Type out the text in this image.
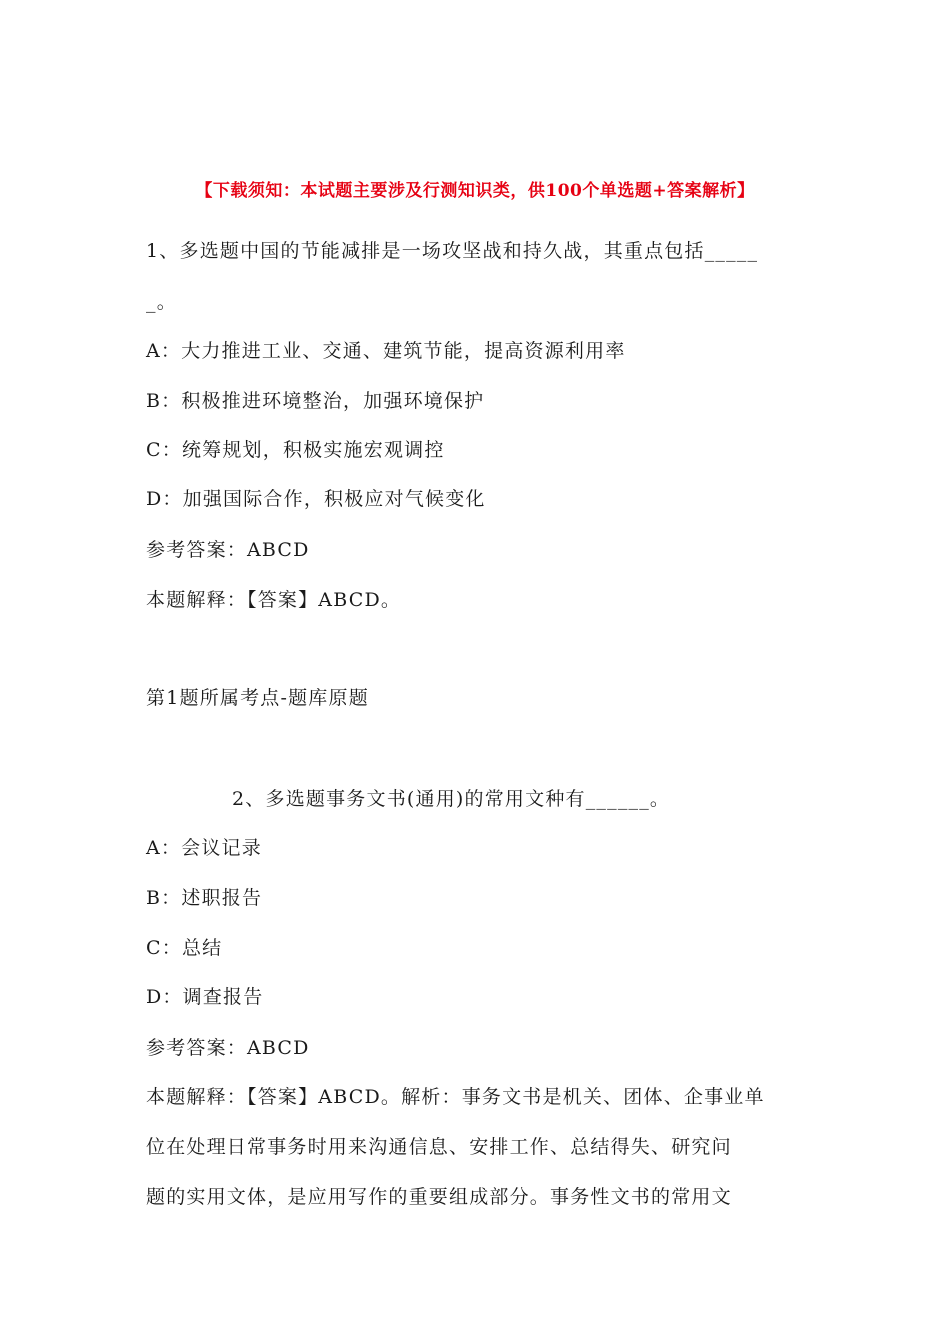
【下载须知：本试题主要涉及行测知识类，供100个单选题+答案解析】
1、多选题中国的节能减排是一场攻坚战和持久战，其重点包括_____
_。
A：大力推进工业、交通、建筑节能，提高资源利用率
B：积极推进环境整治，加强环境保护
C：统筹规划，积极实施宏观调控
D：加强国际合作，积极应对气候变化
参考答案：ABCD
本题解释：【答案】ABCD。
第1题所属考点-题库原题
2、多选题事务文书(通用)的常用文种有______。
A：会议记录
B：述职报告
C：总结
D：调查报告
参考答案：ABCD
本题解释：【答案】ABCD。解析：事务文书是机关、团体、企事业单
位在处理日常事务时用来沟通信息、安排工作、总结得失、研究问
题的实用文体，是应用写作的重要组成部分。事务性文书的常用文
